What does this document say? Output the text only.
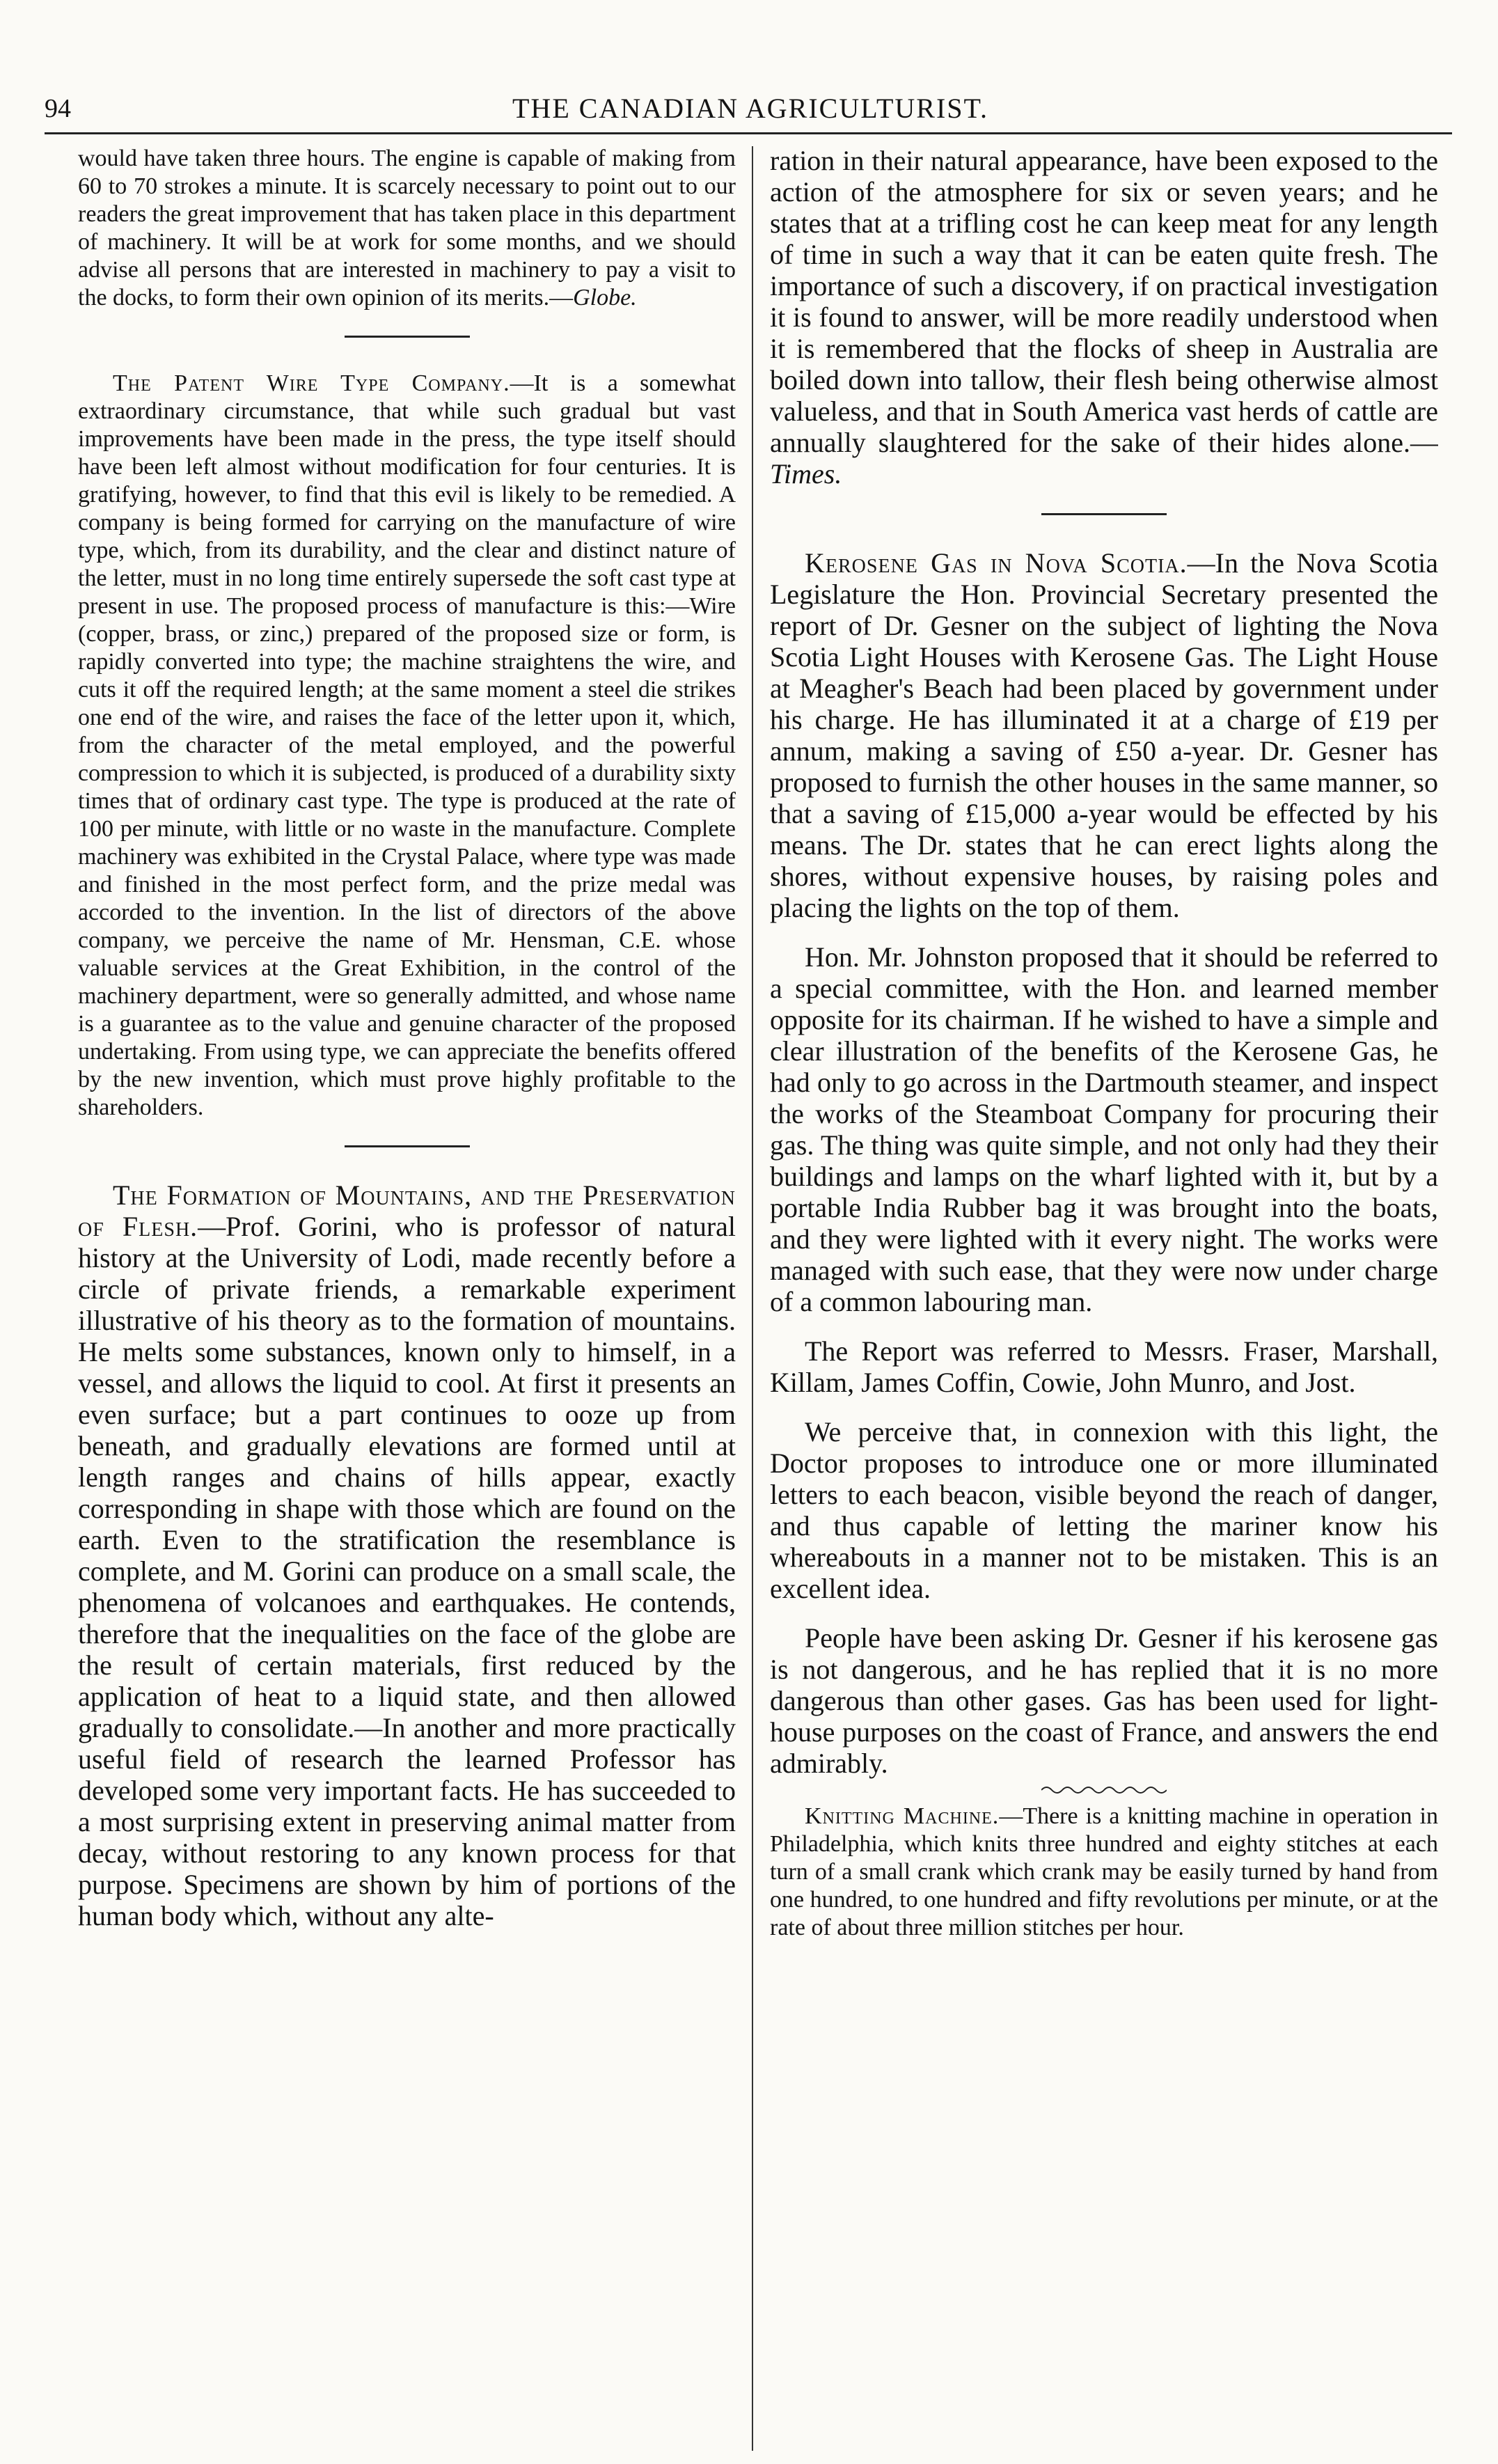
94	THE CANADIAN AGRICULTURIST.

would have taken three hours. The engine is capable of making from 60 to 70 strokes a minute. It is scarcely necessary to point out to our readers the great improvement that has taken place in this department of machinery. It will be at work for some months, and we should advise all persons that are interested in machinery to pay a visit to the docks, to form their own opinion of its merits.—Globe.

The Patent Wire Type Company.—It is a somewhat extraordinary circumstance, that while such gradual but vast improvements have been made in the press, the type itself should have been left almost without modification for four centuries. It is gratifying, however, to find that this evil is likely to be remedied. A company is being formed for carrying on the manufacture of wire type, which, from its durability, and the clear and distinct nature of the letter, must in no long time entirely supersede the soft cast type at present in use. The proposed process of manufacture is this:—Wire (copper, brass, or zinc,) prepared of the proposed size or form, is rapidly converted into type; the machine straightens the wire, and cuts it off the required length; at the same moment a steel die strikes one end of the wire, and raises the face of the letter upon it, which, from the character of the metal employed, and the powerful compression to which it is subjected, is produced of a durability sixty times that of ordinary cast type. The type is produced at the rate of 100 per minute, with little or no waste in the manufacture. Complete machinery was exhibited in the Crystal Palace, where type was made and finished in the most perfect form, and the prize medal was accorded to the invention. In the list of directors of the above company, we perceive the name of Mr. Hensman, C.E. whose valuable services at the Great Exhibition, in the control of the machinery department, were so generally admitted, and whose name is a guarantee as to the value and genuine character of the proposed undertaking. From using type, we can appreciate the benefits offered by the new invention, which must prove highly profitable to the shareholders.

The Formation of Mountains, and the Preservation of Flesh.—Prof. Gorini, who is professor of natural history at the University of Lodi, made recently before a circle of private friends, a remarkable experiment illustrative of his theory as to the formation of mountains. He melts some substances, known only to himself, in a vessel, and allows the liquid to cool. At first it presents an even surface; but a part continues to ooze up from beneath, and gradually elevations are formed until at length ranges and chains of hills appear, exactly corresponding in shape with those which are found on the earth. Even to the stratification the resemblance is complete, and M. Gorini can produce on a small scale, the phenomena of volcanoes and earthquakes. He contends, therefore that the inequalities on the face of the globe are the result of certain materials, first reduced by the application of heat to a liquid state, and then allowed gradually to consolidate.—In another and more practically useful field of research the learned Professor has developed some very important facts. He has succeeded to a most surprising extent in preserving animal matter from decay, without restoring to any known process for that purpose. Specimens are shown by him of portions of the human body which, without any alte-

ration in their natural appearance, have been exposed to the action of the atmosphere for six or seven years; and he states that at a trifling cost he can keep meat for any length of time in such a way that it can be eaten quite fresh. The importance of such a discovery, if on practical investigation it is found to answer, will be more readily understood when it is remembered that the flocks of sheep in Australia are boiled down into tallow, their flesh being otherwise almost valueless, and that in South America vast herds of cattle are annually slaughtered for the sake of their hides alone.—Times.

Kerosene Gas in Nova Scotia.—In the Nova Scotia Legislature the Hon. Provincial Secretary presented the report of Dr. Gesner on the subject of lighting the Nova Scotia Light Houses with Kerosene Gas. The Light House at Meagher's Beach had been placed by government under his charge. He has illuminated it at a charge of £19 per annum, making a saving of £50 a-year. Dr. Gesner has proposed to furnish the other houses in the same manner, so that a saving of £15,000 a-year would be effected by his means. The Dr. states that he can erect lights along the shores, without expensive houses, by raising poles and placing the lights on the top of them.

Hon. Mr. Johnston proposed that it should be referred to a special committee, with the Hon. and learned member opposite for its chairman. If he wished to have a simple and clear illustration of the benefits of the Kerosene Gas, he had only to go across in the Dartmouth steamer, and inspect the works of the Steamboat Company for procuring their gas. The thing was quite simple, and not only had they their buildings and lamps on the wharf lighted with it, but by a portable India Rubber bag it was brought into the boats, and they were lighted with it every night. The works were managed with such ease, that they were now under charge of a common labouring man.

The Report was referred to Messrs. Fraser, Marshall, Killam, James Coffin, Cowie, John Munro, and Jost.

We perceive that, in connexion with this light, the Doctor proposes to introduce one or more illuminated letters to each beacon, visible beyond the reach of danger, and thus capable of letting the mariner know his whereabouts in a manner not to be mistaken. This is an excellent idea.

People have been asking Dr. Gesner if his kerosene gas is not dangerous, and he has replied that it is no more dangerous than other gases. Gas has been used for light-house purposes on the coast of France, and answers the end admirably.

Knitting Machine.—There is a knitting machine in operation in Philadelphia, which knits three hundred and eighty stitches at each turn of a small crank which crank may be easily turned by hand from one hundred, to one hundred and fifty revolutions per minute, or at the rate of about three million stitches per hour.
